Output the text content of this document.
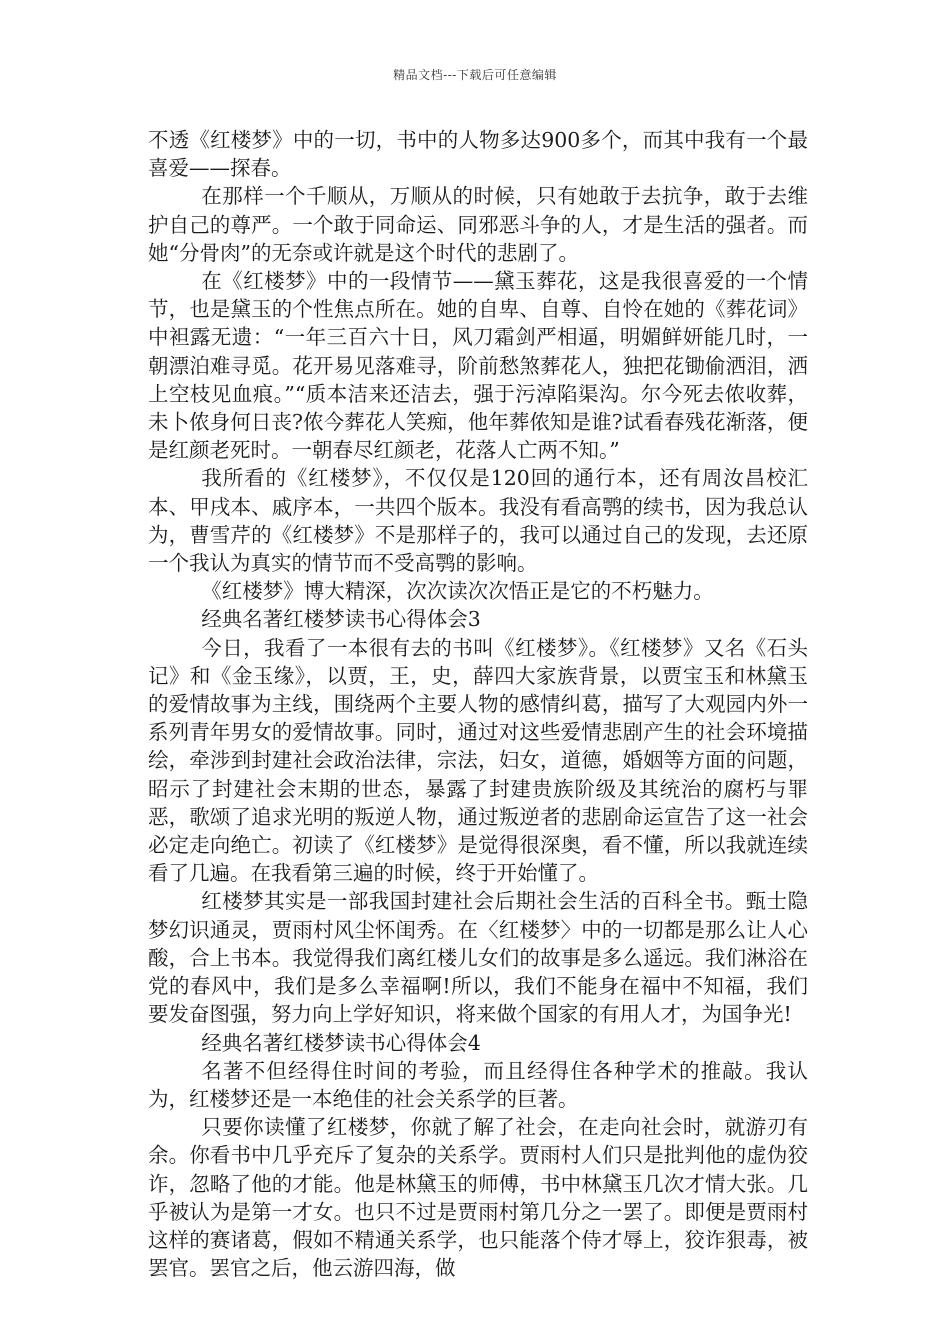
精品文档---下载后可任意编辑

不透《红楼梦》中的一切，书中的人物多达900多个，而其中我有一个最喜爱——探春。

在那样一个千顺从，万顺从的时候，只有她敢于去抗争，敢于去维护自己的尊严。一个敢于同命运、同邪恶斗争的人，才是生活的强者。而她“分骨肉”的无奈或许就是这个时代的悲剧了。

在《红楼梦》中的一段情节——黛玉葬花，这是我很喜爱的一个情节，也是黛玉的个性焦点所在。她的自卑、自尊、自怜在她的《葬花词》中袒露无遗：“一年三百六十日，风刀霜剑严相逼，明媚鲜妍能几时，一朝漂泊难寻觅。花开易见落难寻，阶前愁煞葬花人，独把花锄偷洒泪，洒上空枝见血痕。”“质本洁来还洁去，强于污淖陷渠沟。尔今死去侬收葬，未卜侬身何日丧?侬今葬花人笑痴，他年葬侬知是谁?试看春残花渐落，便是红颜老死时。一朝春尽红颜老，花落人亡两不知。”

我所看的《红楼梦》，不仅仅是120回的通行本，还有周汝昌校汇本、甲戌本、戚序本，一共四个版本。我没有看高鹗的续书，因为我总认为，曹雪芹的《红楼梦》不是那样子的，我可以通过自己的发现，去还原一个我认为真实的情节而不受高鹗的影响。

《红楼梦》博大精深，次次读次次悟正是它的不朽魅力。

经典名著红楼梦读书心得体会3

今日，我看了一本很有去的书叫《红楼梦》。《红楼梦》又名《石头记》和《金玉缘》，以贾，王，史，薛四大家族背景，以贾宝玉和林黛玉的爱情故事为主线，围绕两个主要人物的感情纠葛，描写了大观园内外一系列青年男女的爱情故事。同时，通过对这些爱情悲剧产生的社会环境描绘，牵涉到封建社会政治法律，宗法，妇女，道德，婚姻等方面的问题，昭示了封建社会末期的世态，暴露了封建贵族阶级及其统治的腐朽与罪恶，歌颂了追求光明的叛逆人物，通过叛逆者的悲剧命运宣告了这一社会必定走向绝亡。初读了《红楼梦》是觉得很深奥，看不懂，所以我就连续看了几遍。在我看第三遍的时候，终于开始懂了。

红楼梦其实是一部我国封建社会后期社会生活的百科全书。甄士隐梦幻识通灵，贾雨村风尘怀闺秀。在〈红楼梦〉中的一切都是那么让人心酸，合上书本。我觉得我们离红楼儿女们的故事是多么遥远。我们淋浴在党的春风中，我们是多么幸福啊!所以，我们不能身在福中不知福，我们要发奋图强，努力向上学好知识，将来做个国家的有用人才，为国争光!

经典名著红楼梦读书心得体会4

名著不但经得住时间的考验，而且经得住各种学术的推敲。我认为，红楼梦还是一本绝佳的社会关系学的巨著。

只要你读懂了红楼梦，你就了解了社会，在走向社会时，就游刃有余。你看书中几乎充斥了复杂的关系学。贾雨村人们只是批判他的虚伪狡诈，忽略了他的才能。他是林黛玉的师傅，书中林黛玉几次才情大张。几乎被认为是第一才女。也只不过是贾雨村第几分之一罢了。即便是贾雨村这样的赛诸葛，假如不精通关系学，也只能落个侍才辱上，狡诈狠毒，被罢官。罢官之后，他云游四海，做
